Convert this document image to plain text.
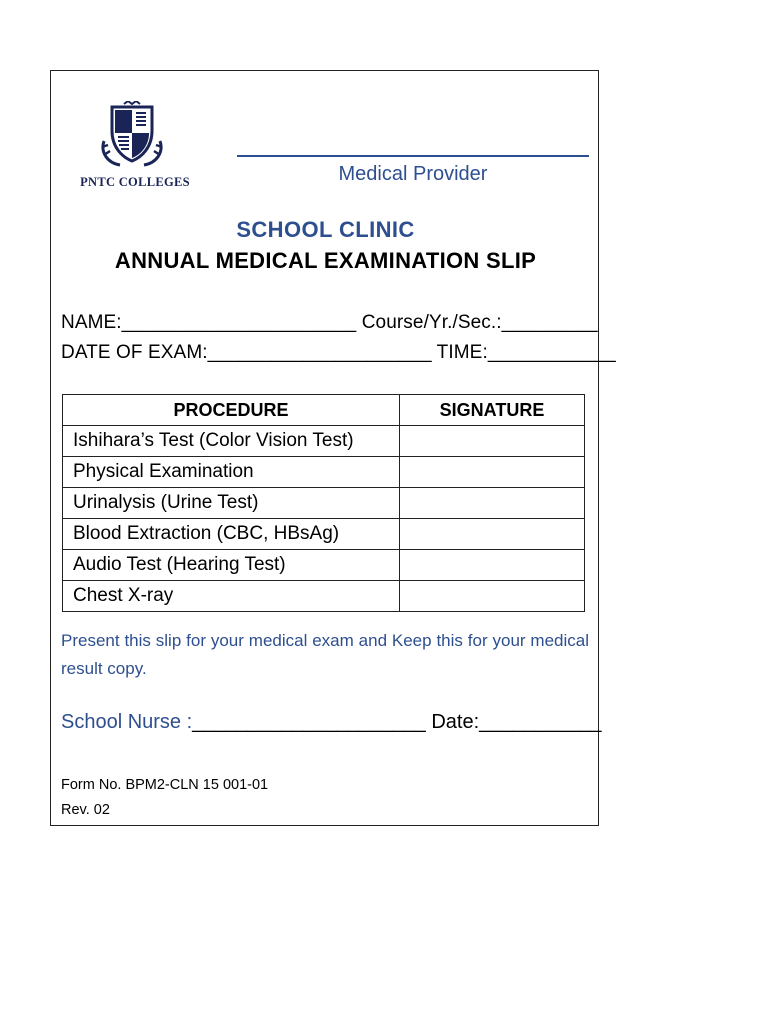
PNTC COLLEGES	Medical Provider
SCHOOL CLINIC
ANNUAL MEDICAL EXAMINATION SLIP
NAME:______________________ Course/Yr./Sec.:_________
DATE OF EXAM:_____________________ TIME:____________
PROCEDURE	SIGNATURE
Ishihara’s Test (Color Vision Test)	
Physical Examination	
Urinalysis (Urine Test)	
Blood Extraction (CBC, HBsAg)	
Audio Test (Hearing Test)	
Chest X-ray	
Present this slip for your medical exam and Keep this for your medical result copy.
School Nurse :_____________________ Date:___________
Form No. BPM2-CLN 15 001-01
Rev. 02
